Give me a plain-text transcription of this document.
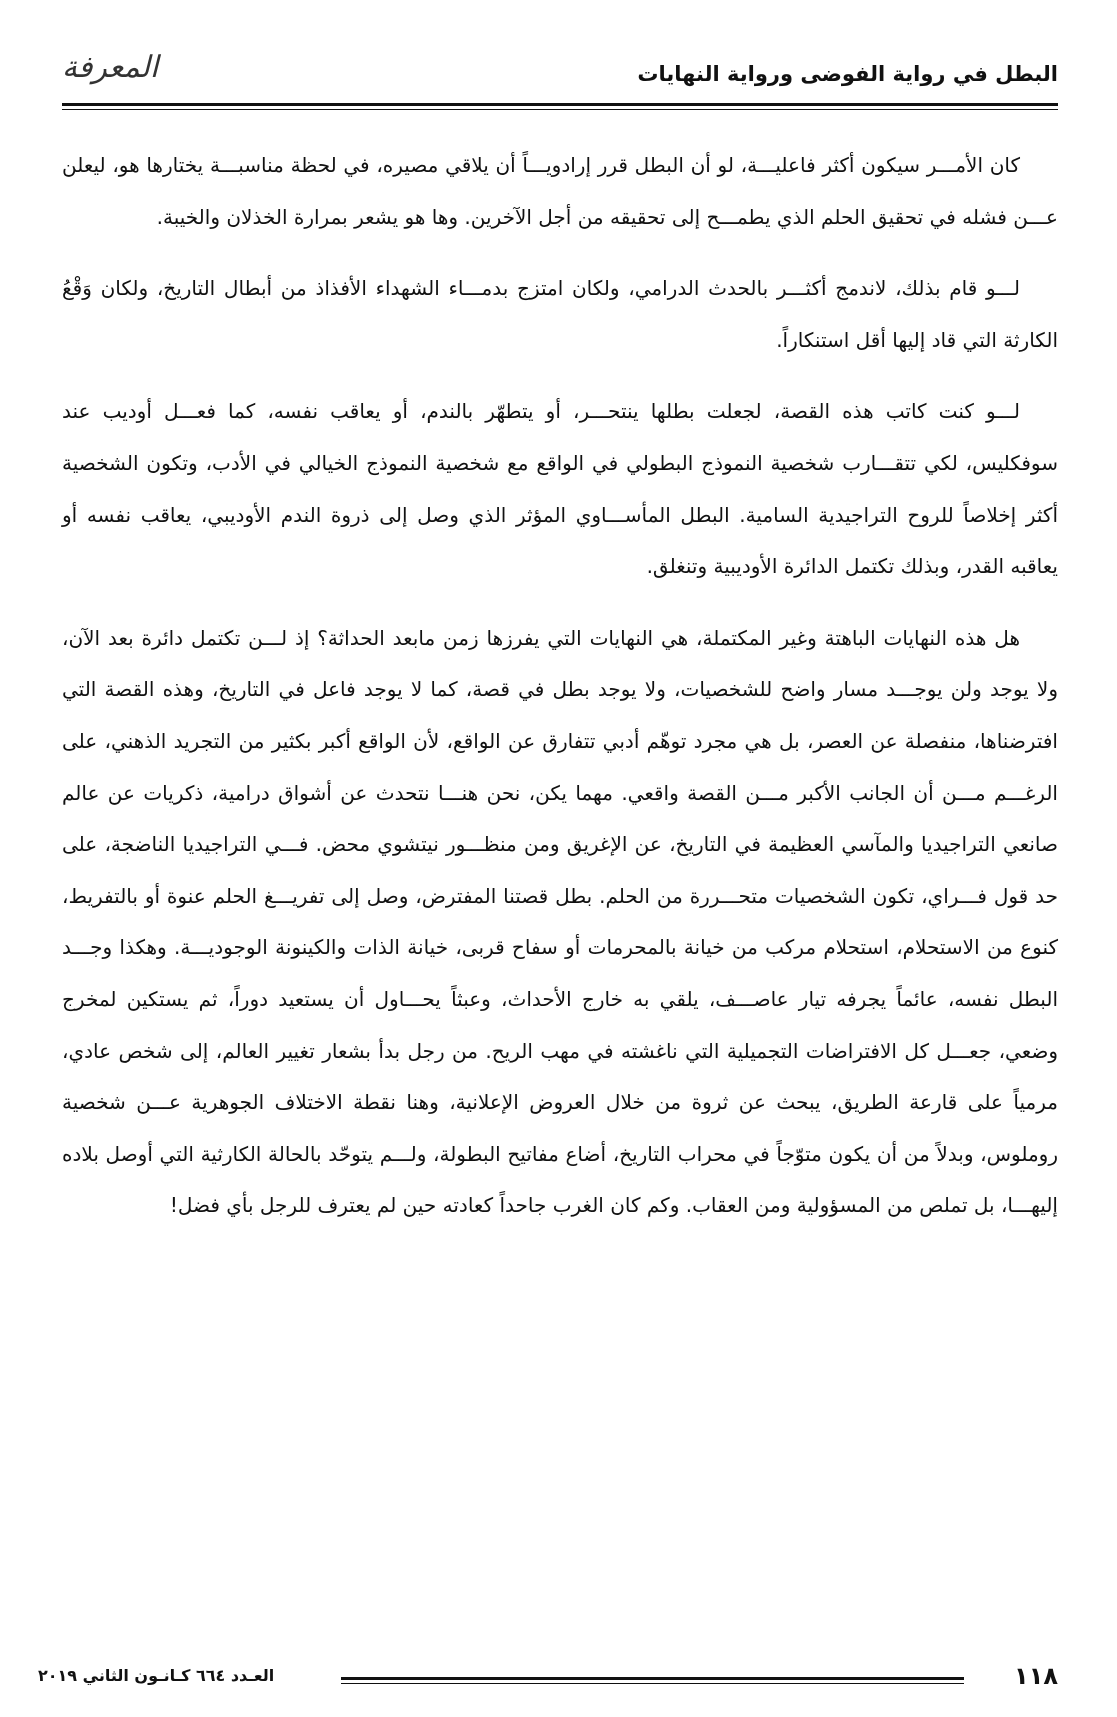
البطل في رواية الفوضى ورواية النهايات
المعرفة

كان الأمـــر سيكون أكثر فاعليـــة، لو أن البطل قرر إرادويـــاً أن يلاقي مصيره، في لحظة مناسبـــة يختارها هو، ليعلن عـــن فشله في تحقيق الحلم الذي يطمـــح إلى تحقيقه من أجل الآخرين. وها هو يشعر بمرارة الخذلان والخيبة.

لـــو قام بذلك، لاندمج أكثـــر بالحدث الدرامي، ولكان امتزج بدمـــاء الشهداء الأفذاذ من أبطال التاريخ، ولكان وَقْعُ الكارثة التي قاد إليها أقل استنكاراً.

لـــو كنت كاتب هذه القصة، لجعلت بطلها ينتحـــر، أو يتطهّر بالندم، أو يعاقب نفسه، كما فعـــل أوديب عند سوفكليس، لكي تتقـــارب شخصية النموذج البطولي في الواقع مع شخصية النموذج الخيالي في الأدب، وتكون الشخصية أكثر إخلاصاً للروح التراجيدية السامية. البطل المأســـاوي المؤثر الذي وصل إلى ذروة الندم الأوديبي، يعاقب نفسه أو يعاقبه القدر، وبذلك تكتمل الدائرة الأوديبية وتنغلق.

هل هذه النهايات الباهتة وغير المكتملة، هي النهايات التي يفرزها زمن مابعد الحداثة؟ إذ لـــن تكتمل دائرة بعد الآن، ولا يوجد ولن يوجـــد مسار واضح للشخصيات، ولا يوجد بطل في قصة، كما لا يوجد فاعل في التاريخ، وهذه القصة التي افترضناها، منفصلة عن العصر، بل هي مجرد توهّم أدبي تتفارق عن الواقع، لأن الواقع أكبر بكثير من التجريد الذهني، على الرغـــم مـــن أن الجانب الأكبر مـــن القصة واقعي. مهما يكن، نحن هنـــا نتحدث عن أشواق درامية، ذكريات عن عالم صانعي التراجيديا والمآسي العظيمة في التاريخ، عن الإغريق ومن منظـــور نيتشوي محض. فـــي التراجيديا الناضجة، على حد قول فـــراي، تكون الشخصيات متحـــررة من الحلم. بطل قصتنا المفترض، وصل إلى تفريـــغ الحلم عنوة أو بالتفريط، كنوع من الاستحلام، استحلام مركب من خيانة بالمحرمات أو سفاح قربى، خيانة الذات والكينونة الوجوديـــة. وهكذا وجـــد البطل نفسه، عائماً يجرفه تيار عاصـــف، يلقي به خارج الأحداث، وعبثاً يحـــاول أن يستعيد دوراً، ثم يستكين لمخرج وضعي، جعـــل كل الافتراضات التجميلية التي ناغشته في مهب الريح. من رجل بدأ بشعار تغيير العالم، إلى شخص عادي، مرمياً على قارعة الطريق، يبحث عن ثروة من خلال العروض الإعلانية، وهنا نقطة الاختلاف الجوهرية عـــن شخصية روملوس، وبدلاً من أن يكون متوّجاً في محراب التاريخ، أضاع مفاتيح البطولة، ولـــم يتوحّد بالحالة الكارثية التي أوصل بلاده إليهـــا، بل تملص من المسؤولية ومن العقاب. وكم كان الغرب جاحداً كعادته حين لم يعترف للرجل بأي فضل!

١١٨
العـدد ٦٦٤ كـانـون الثاني ٢٠١٩
